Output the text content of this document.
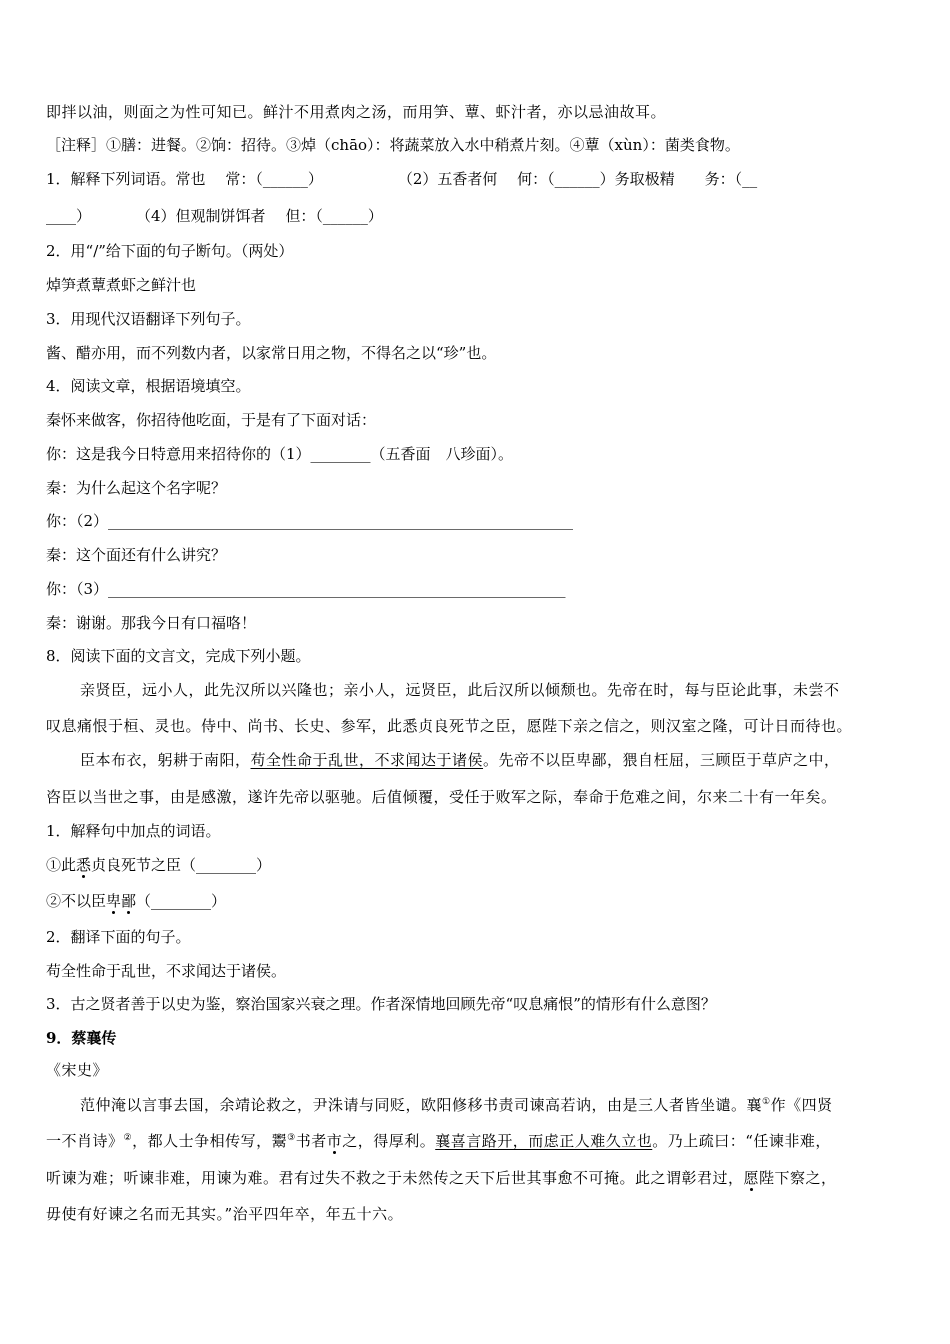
即拌以油，则面之为性可知已。鲜汁不用煮肉之汤，而用笋、蕈、虾汁者，亦以忌油故耳。
［注释］①膳：进餐。②饷：招待。③焯（chāo）：将蔬菜放入水中稍煮片刻。④蕈（xùn）：菌类食物。
1．解释下列词语。常也　 常：（______）　　　　　　（2）五香者何　 何：（______）务取极精　　务：（__
____）　　　　（4）但观制饼饵者　 但：（______）
2．用“/”给下面的句子断句。（两处）
焯笋煮蕈煮虾之鲜汁也
3．用现代汉语翻译下列句子。
酱、醋亦用，而不列数内者，以家常日用之物，不得名之以“珍”也。
4．阅读文章，根据语境填空。
秦怀来做客，你招待他吃面，于是有了下面对话：
你：这是我今日特意用来招待你的（1）________（五香面　八珍面）。
秦：为什么起这个名字呢？
你：（2）______________________________________________________________
秦：这个面还有什么讲究？
你：（3）_____________________________________________________________
秦：谢谢。那我今日有口福咯！
8．阅读下面的文言文，完成下列小题。
亲贤臣，远小人，此先汉所以兴隆也；亲小人，远贤臣，此后汉所以倾颓也。先帝在时，每与臣论此事，未尝不
叹息痛恨于桓、灵也。侍中、尚书、长史、参军，此悉贞良死节之臣，愿陛下亲之信之，则汉室之隆，可计日而待也。
臣本布衣，躬耕于南阳，苟全性命于乱世，不求闻达于诸侯。先帝不以臣卑鄙，猥自枉屈，三顾臣于草庐之中，
咨臣以当世之事，由是感激，遂许先帝以驱驰。后值倾覆，受任于败军之际，奉命于危难之间，尔来二十有一年矣。
1．解释句中加点的词语。
①此悉贞良死节之臣（________）
②不以臣卑鄙（________）
2．翻译下面的句子。
苟全性命于乱世，不求闻达于诸侯。
3．古之贤者善于以史为鉴，察治国家兴衰之理。作者深情地回顾先帝“叹息痛恨”的情形有什么意图？
9．蔡襄传
《宋史》
范仲淹以言事去国，余靖论救之，尹洙请与同贬，欧阳修移书责司谏高若讷，由是三人者皆坐谴。襄①作《四贤
一不肖诗》②，都人士争相传写，鬻③书者市之，得厚利。襄喜言路开，而虑正人难久立也。乃上疏曰：“任谏非难，
听谏为难；听谏非难，用谏为难。君有过失不救之于未然传之天下后世其事愈不可掩。此之谓彰君过，愿陛下察之，
毋使有好谏之名而无其实。”治平四年卒，年五十六。
